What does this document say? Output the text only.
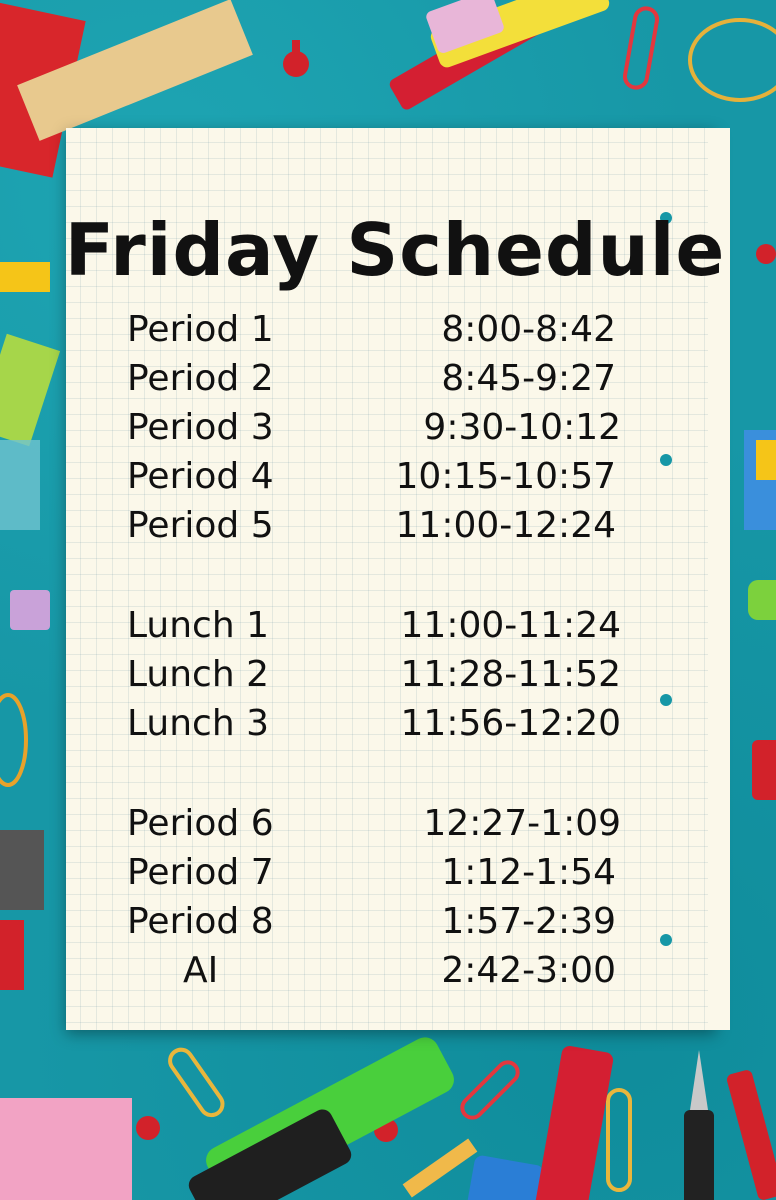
Friday Schedule
Period 1	8:00-8:42
Period 2	8:45-9:27
Period 3	9:30-10:12
Period 4	10:15-10:57
Period 5	11:00-12:24
Lunch 1	11:00-11:24
Lunch 2	11:28-11:52
Lunch 3	11:56-12:20
Period 6	12:27-1:09
Period 7	1:12-1:54
Period 8	1:57-2:39
AI	2:42-3:00
